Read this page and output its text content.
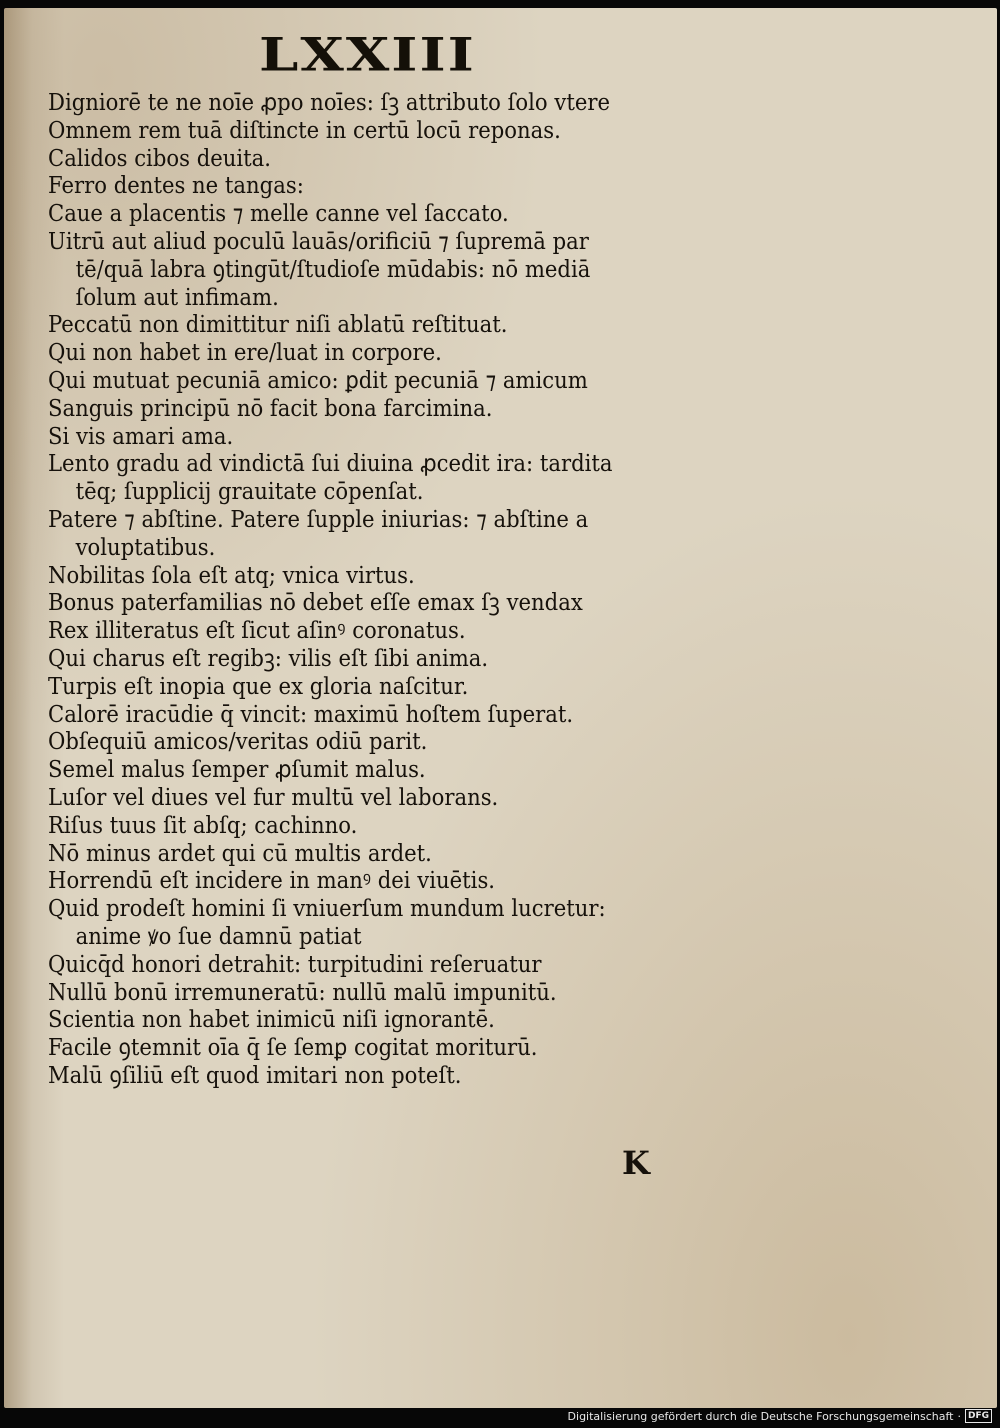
LXXIII
Digniorē te ne noīe ꝓpo noīes: ſꝫ attributo ſolo vtere
Omnem rem tuā diſtincte in certū locū reponas.
Calidos cibos deuita.
Ferro dentes ne tangas:
Caue a placentis ⁊ melle canne vel ſaccato.
Uitrū aut aliud poculū lauās/orificiū ⁊ ſupremā par
tē/quā labra ꝯtingūt/ſtudioſe mūdabis: nō mediā
ſolum aut infimam.
Peccatū non dimittitur niſi ablatū reſtituat.
Qui non habet in ere/luat in corpore.
Qui mutuat pecuniā amico: ꝑdit pecuniā ⁊ amicum
Sanguis principū nō facit bona farcimina.
Si vis amari ama.
Lento gradu ad vindictā ſui diuina ꝓcedit ira: tardita
tēq; ſupplicij grauitate cōpenſat.
Patere ⁊ abſtine. Patere ſupple iniurias: ⁊ abſtine a
voluptatibus.
Nobilitas ſola eſt atq; vnica virtus.
Bonus paterfamilias nō debet eſſe emax ſꝫ vendax
Rex illiteratus eſt ſicut aſinꝰ coronatus.
Qui charus eſt regibꝫ: vilis eſt ſibi anima.
Turpis eſt inopia que ex gloria naſcitur.
Calorē iracūdie q̄ vincit: maximū hoſtem ſuperat.
Obſequiū amicos/veritas odiū parit.
Semel malus ſemper ꝓſumit malus.
Luſor vel diues vel fur multū vel laborans.
Riſus tuus ſit abſq; cachinno.
Nō minus ardet qui cū multis ardet.
Horrendū eſt incidere in manꝰ dei viuētis.
Quid prodeſt homini ſi vniuerſum mundum lucretur:
anime ꝟo ſue damnū patiat
Quicq̄d honori detrahit: turpitudini reſeruatur
Nullū bonū irremuneratū: nullū malū impunitū.
Scientia non habet inimicū niſi ignorantē.
Facile ꝯtemnit oīa q̄ ſe ſemꝑ cogitat moriturū.
Malū ꝯſiliū eſt quod imitari non poteſt.
K
Digitalisierung gefördert durch die Deutsche Forschungsgemeinschaft · DFG
